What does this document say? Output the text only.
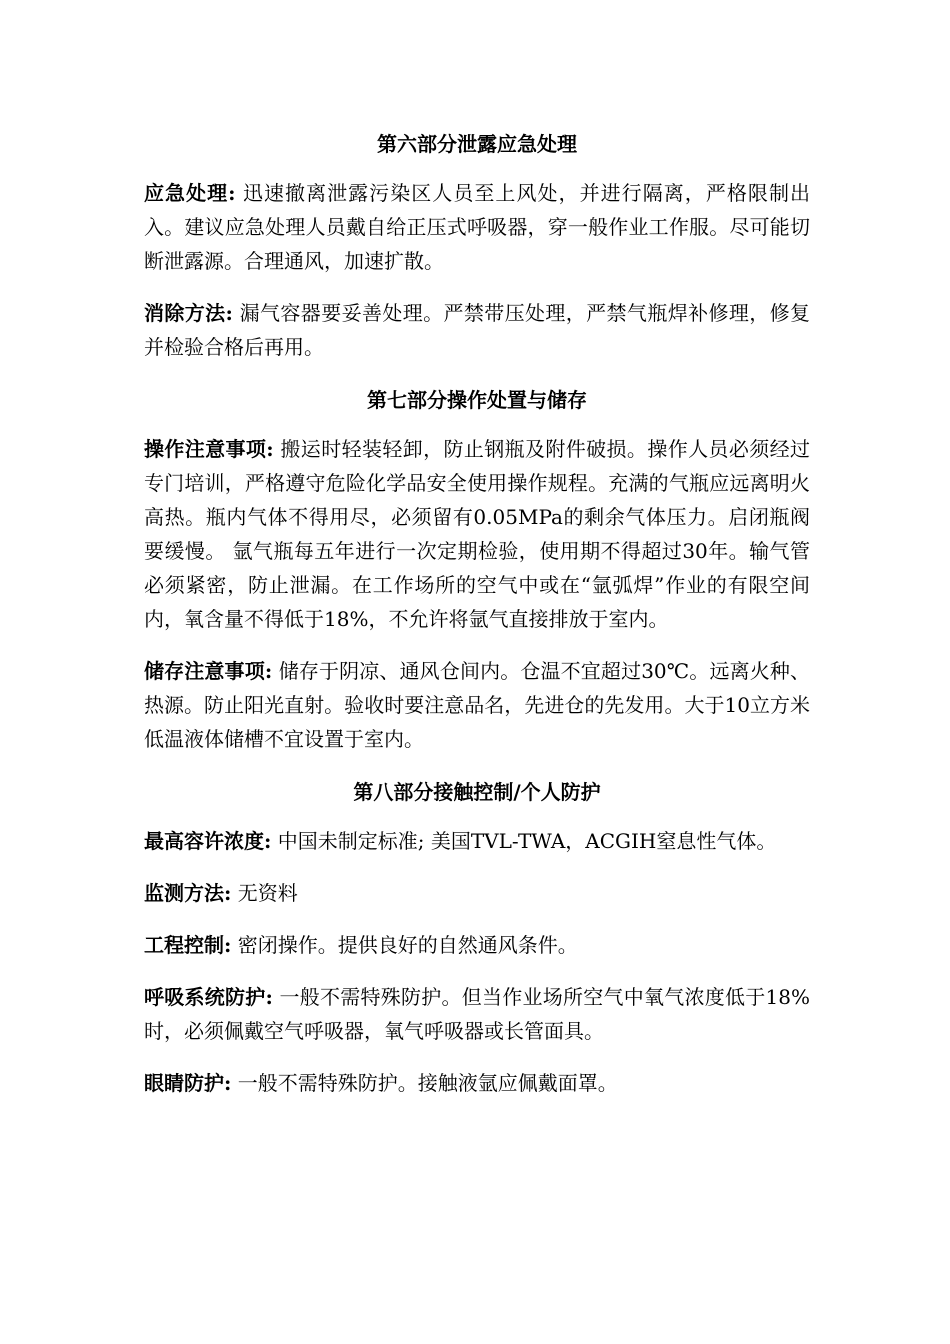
第六部分泄露应急处理

应急处理: 迅速撤离泄露污染区人员至上风处，并进行隔离，严格限制出入。建议应急处理人员戴自给正压式呼吸器，穿一般作业工作服。尽可能切断泄露源。合理通风，加速扩散。

消除方法: 漏气容器要妥善处理。严禁带压处理，严禁气瓶焊补修理，修复并检验合格后再用。

第七部分操作处置与储存

操作注意事项: 搬运时轻装轻卸，防止钢瓶及附件破损。操作人员必须经过专门培训，严格遵守危险化学品安全使用操作规程。充满的气瓶应远离明火高热。瓶内气体不得用尽，必须留有0.05MPa的剩余气体压力。启闭瓶阀要缓慢。 氩气瓶每五年进行一次定期检验，使用期不得超过30年。输气管必须紧密，防止泄漏。在工作场所的空气中或在“氩弧焊”作业的有限空间内，氧含量不得低于18%，不允许将氩气直接排放于室内。

储存注意事项: 储存于阴凉、通风仓间内。仓温不宜超过30℃。远离火种、热源。防止阳光直射。验收时要注意品名，先进仓的先发用。大于10立方米低温液体储槽不宜设置于室内。

第八部分接触控制/个人防护

最高容许浓度: 中国未制定标准; 美国TVL-TWA，ACGIH窒息性气体。

监测方法: 无资料

工程控制: 密闭操作。提供良好的自然通风条件。

呼吸系统防护: 一般不需特殊防护。但当作业场所空气中氧气浓度低于18%时，必须佩戴空气呼吸器，氧气呼吸器或长管面具。

眼睛防护: 一般不需特殊防护。接触液氩应佩戴面罩。
